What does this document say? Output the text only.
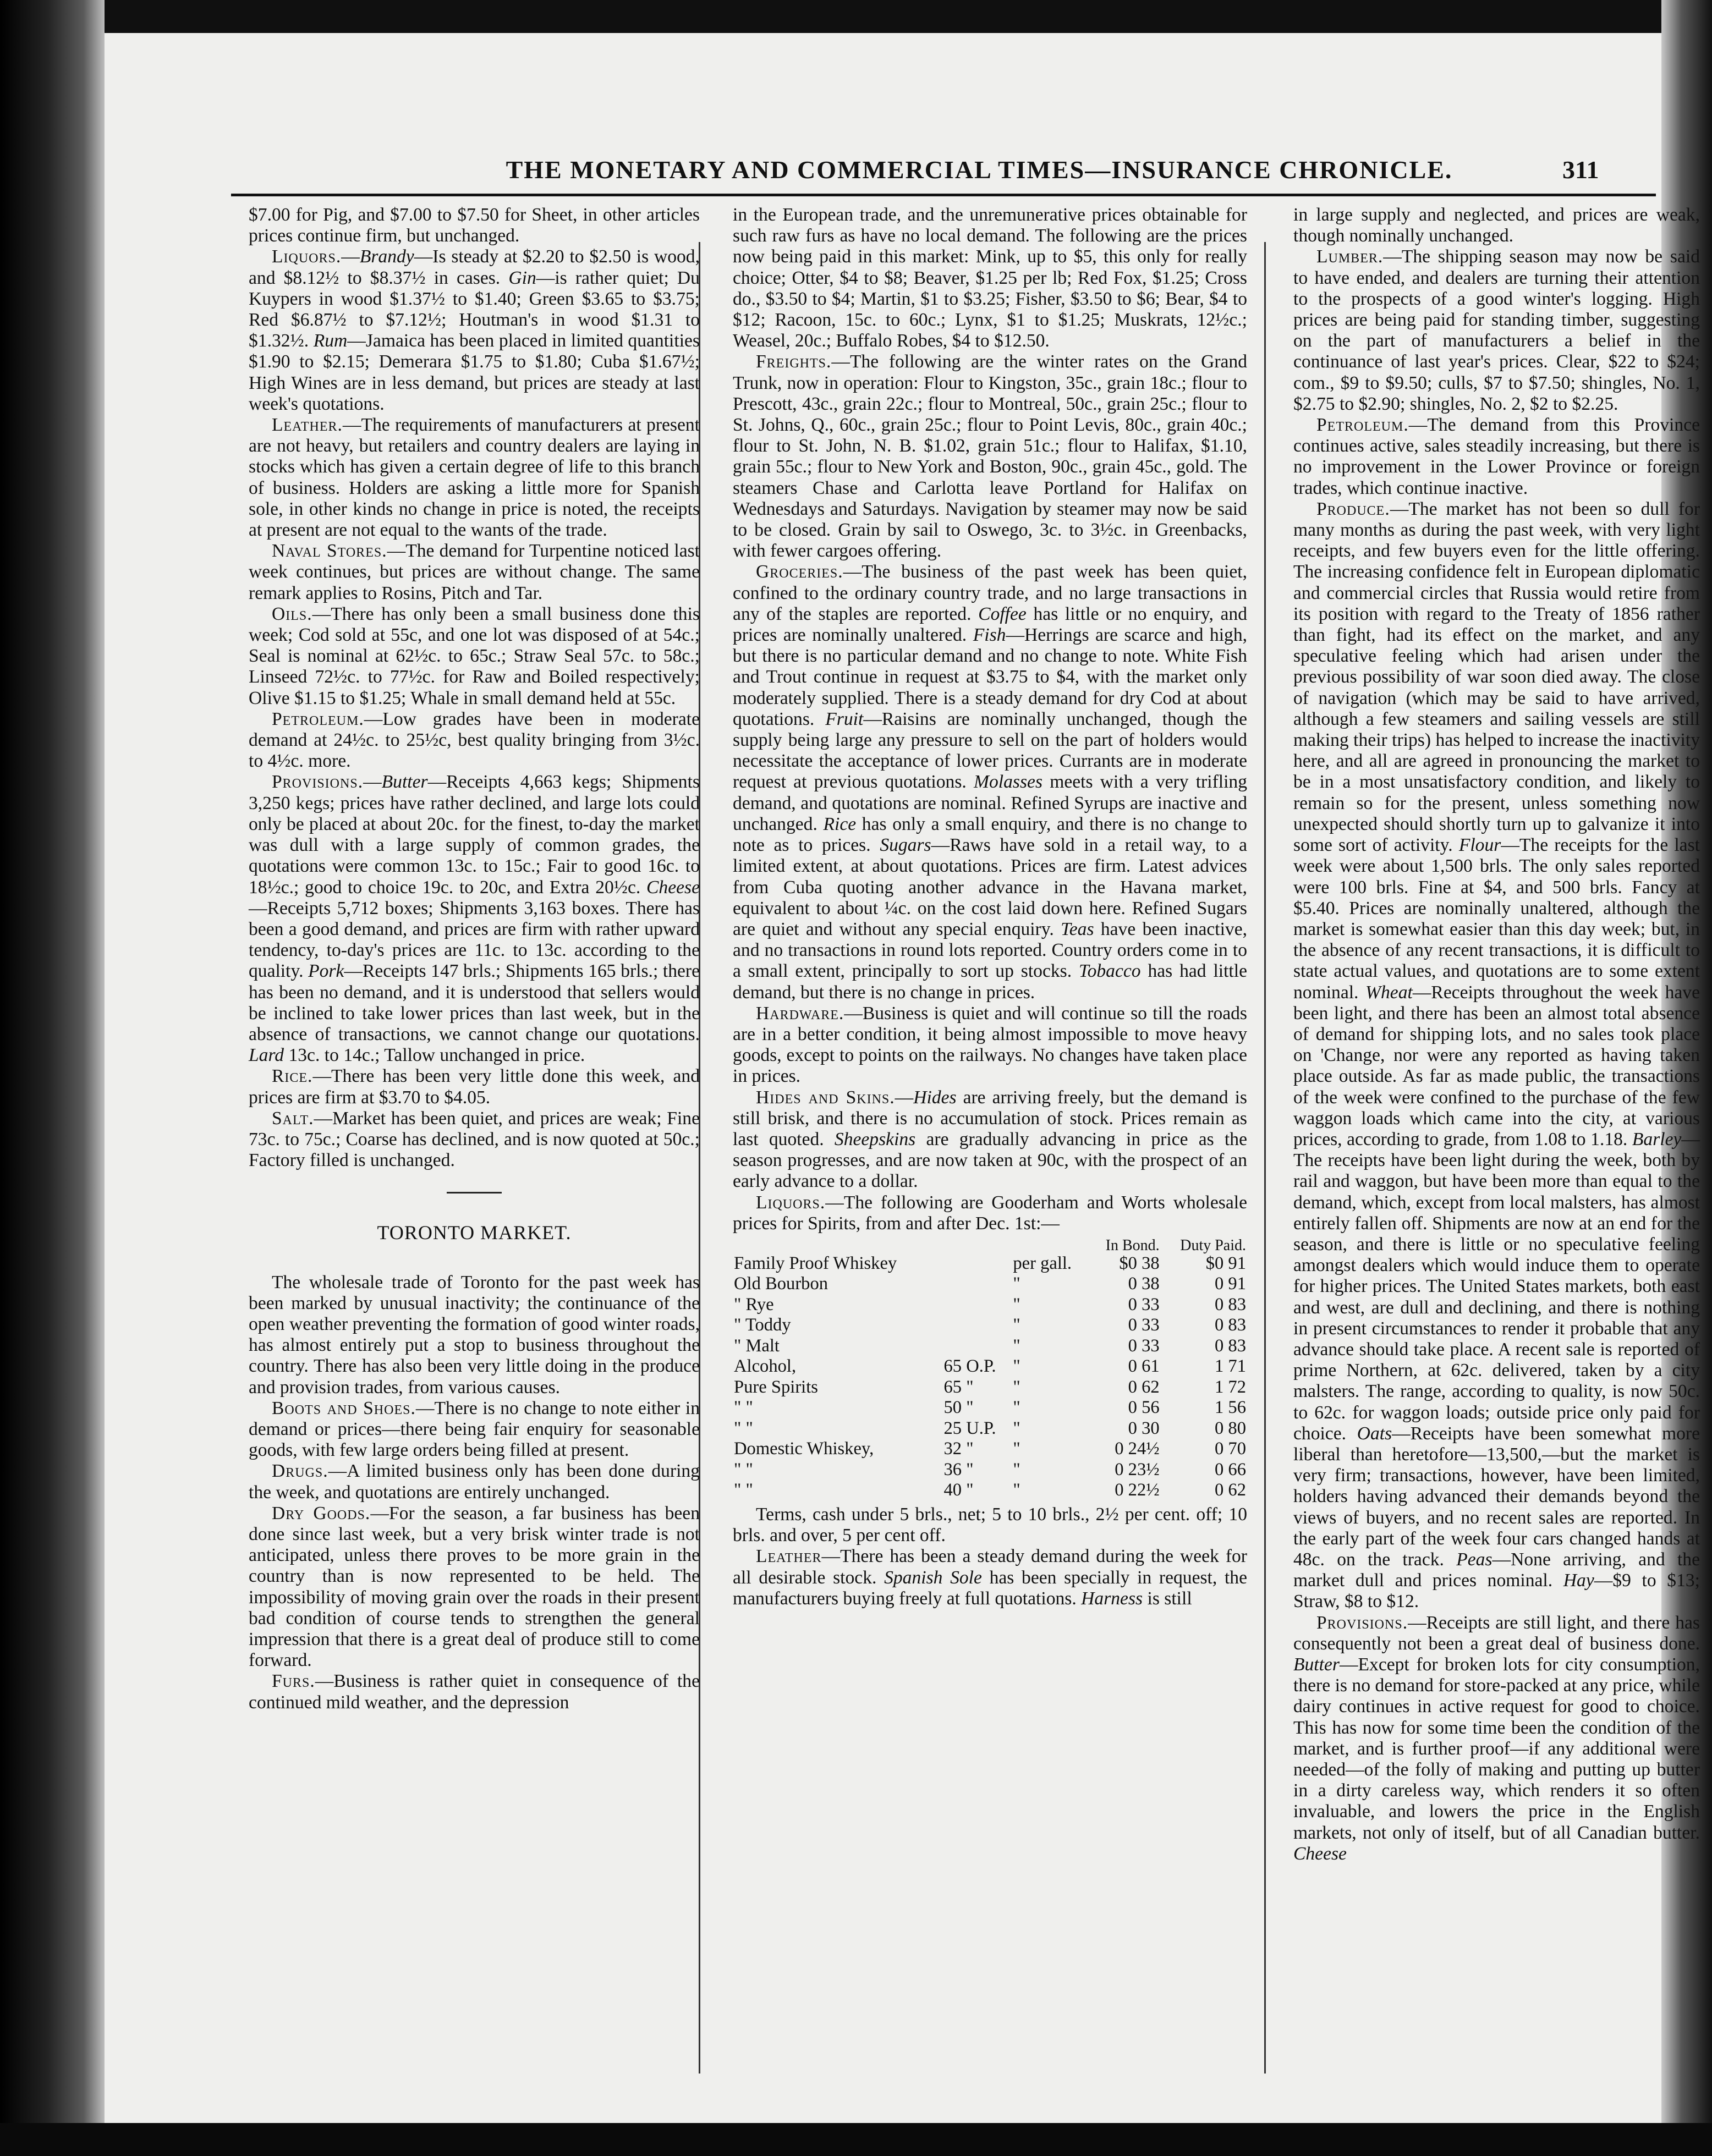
THE MONETARY AND COMMERCIAL TIMES—INSURANCE CHRONICLE.	311

$7.00 for Pig, and $7.00 to $7.50 for Sheet, in other articles prices continue firm, but unchanged.

Liquors.—Brandy—Is steady at $2.20 to $2.50 is wood, and $8.12½ to $8.37½ in cases. Gin—is rather quiet; Du Kuypers in wood $1.37½ to $1.40; Green $3.65 to $3.75; Red $6.87½ to $7.12½; Houtman's in wood $1.31 to $1.32½. Rum—Jamaica has been placed in limited quantities $1.90 to $2.15; Demerara $1.75 to $1.80; Cuba $1.67½; High Wines are in less demand, but prices are steady at last week's quotations.

Leather.—The requirements of manufacturers at present are not heavy, but retailers and country dealers are laying in stocks which has given a certain degree of life to this branch of business. Holders are asking a little more for Spanish sole, in other kinds no change in price is noted, the receipts at present are not equal to the wants of the trade.

Naval Stores.—The demand for Turpentine noticed last week continues, but prices are without change. The same remark applies to Rosins, Pitch and Tar.

Oils.—There has only been a small business done this week; Cod sold at 55c, and one lot was disposed of at 54c.; Seal is nominal at 62½c. to 65c.; Straw Seal 57c. to 58c.; Linseed 72½c. to 77½c. for Raw and Boiled respectively; Olive $1.15 to $1.25; Whale in small demand held at 55c.

Petroleum.—Low grades have been in moderate demand at 24½c. to 25½c, best quality bringing from 3½c. to 4½c. more.

Provisions.—Butter—Receipts 4,663 kegs; Shipments 3,250 kegs; prices have rather declined, and large lots could only be placed at about 20c. for the finest, to-day the market was dull with a large supply of common grades, the quotations were common 13c. to 15c.; Fair to good 16c. to 18½c.; good to choice 19c. to 20c, and Extra 20½c. Cheese—Receipts 5,712 boxes; Shipments 3,163 boxes. There has been a good demand, and prices are firm with rather upward tendency, to-day's prices are 11c. to 13c. according to the quality. Pork—Receipts 147 brls.; Shipments 165 brls.; there has been no demand, and it is understood that sellers would be inclined to take lower prices than last week, but in the absence of transactions, we cannot change our quotations. Lard 13c. to 14c.; Tallow unchanged in price.

Rice.—There has been very little done this week, and prices are firm at $3.70 to $4.05.

Salt.—Market has been quiet, and prices are weak; Fine 73c. to 75c.; Coarse has declined, and is now quoted at 50c.; Factory filled is unchanged.

TORONTO MARKET.

The wholesale trade of Toronto for the past week has been marked by unusual inactivity; the continuance of the open weather preventing the formation of good winter roads, has almost entirely put a stop to business throughout the country. There has also been very little doing in the produce and provision trades, from various causes.

Boots and Shoes.—There is no change to note either in demand or prices—there being fair enquiry for seasonable goods, with few large orders being filled at present.

Drugs.—A limited business only has been done during the week, and quotations are entirely unchanged.

Dry Goods.—For the season, a far business has been done since last week, but a very brisk winter trade is not anticipated, unless there proves to be more grain in the country than is now represented to be held. The impossibility of moving grain over the roads in their present bad condition of course tends to strengthen the general impression that there is a great deal of produce still to come forward.

Furs.—Business is rather quiet in consequence of the continued mild weather, and the depression

in the European trade, and the unremunerative prices obtainable for such raw furs as have no local demand. The following are the prices now being paid in this market: Mink, up to $5, this only for really choice; Otter, $4 to $8; Beaver, $1.25 per lb; Red Fox, $1.25; Cross do., $3.50 to $4; Martin, $1 to $3.25; Fisher, $3.50 to $6; Bear, $4 to $12; Racoon, 15c. to 60c.; Lynx, $1 to $1.25; Muskrats, 12½c.; Weasel, 20c.; Buffalo Robes, $4 to $12.50.

Freights.—The following are the winter rates on the Grand Trunk, now in operation: Flour to Kingston, 35c., grain 18c.; flour to Prescott, 43c., grain 22c.; flour to Montreal, 50c., grain 25c.; flour to St. Johns, Q., 60c., grain 25c.; flour to Point Levis, 80c., grain 40c.; flour to St. John, N. B. $1.02, grain 51c.; flour to Halifax, $1.10, grain 55c.; flour to New York and Boston, 90c., grain 45c., gold. The steamers Chase and Carlotta leave Portland for Halifax on Wednesdays and Saturdays. Navigation by steamer may now be said to be closed. Grain by sail to Oswego, 3c. to 3½c. in Greenbacks, with fewer cargoes offering.

Groceries.—The business of the past week has been quiet, confined to the ordinary country trade, and no large transactions in any of the staples are reported. Coffee has little or no enquiry, and prices are nominally unaltered. Fish—Herrings are scarce and high, but there is no particular demand and no change to note. White Fish and Trout continue in request at $3.75 to $4, with the market only moderately supplied. There is a steady demand for dry Cod at about quotations. Fruit—Raisins are nominally unchanged, though the supply being large any pressure to sell on the part of holders would necessitate the acceptance of lower prices. Currants are in moderate request at previous quotations. Molasses meets with a very trifling demand, and quotations are nominal. Refined Syrups are inactive and unchanged. Rice has only a small enquiry, and there is no change to note as to prices. Sugars—Raws have sold in a retail way, to a limited extent, at about quotations. Prices are firm. Latest advices from Cuba quoting another advance in the Havana market, equivalent to about ¼c. on the cost laid down here. Refined Sugars are quiet and without any special enquiry. Teas have been inactive, and no transactions in round lots reported. Country orders come in to a small extent, principally to sort up stocks. Tobacco has had little demand, but there is no change in prices.

Hardware.—Business is quiet and will continue so till the roads are in a better condition, it being almost impossible to move heavy goods, except to points on the railways. No changes have taken place in prices.

Hides and Skins.—Hides are arriving freely, but the demand is still brisk, and there is no accumulation of stock. Prices remain as last quoted. Sheepskins are gradually advancing in price as the season progresses, and are now taken at 90c, with the prospect of an early advance to a dollar.

Liquors.—The following are Gooderham and Worts wholesale prices for Spirits, from and after Dec. 1st:—

			In Bond.	Duty Paid.
Family Proof Whiskey		per gall.	$0 38	$0 91
Old Bourbon		"	0 38	0 91
" Rye		"	0 33	0 83
" Toddy		"	0 33	0 83
" Malt		"	0 33	0 83
Alcohol,	65 O.P.	"	0 61	1 71
Pure Spirits	65 "	"	0 62	1 72
" "	50 "	"	0 56	1 56
" "	25 U.P.	"	0 30	0 80
Domestic Whiskey,	32 "	"	0 24½	0 70
" "	36 "	"	0 23½	0 66
" "	40 "	"	0 22½	0 62

Terms, cash under 5 brls., net; 5 to 10 brls., 2½ per cent. off; 10 brls. and over, 5 per cent off.

Leather—There has been a steady demand during the week for all desirable stock. Spanish Sole has been specially in request, the manufacturers buying freely at full quotations. Harness is still

in large supply and neglected, and prices are weak, though nominally unchanged.

Lumber.—The shipping season may now be said to have ended, and dealers are turning their attention to the prospects of a good winter's logging. High prices are being paid for standing timber, suggesting on the part of manufacturers a belief in the continuance of last year's prices. Clear, $22 to $24; com., $9 to $9.50; culls, $7 to $7.50; shingles, No. 1, $2.75 to $2.90; shingles, No. 2, $2 to $2.25.

Petroleum.—The demand from this Province continues active, sales steadily increasing, but there is no improvement in the Lower Province or foreign trades, which continue inactive.

Produce.—The market has not been so dull for many months as during the past week, with very light receipts, and few buyers even for the little offering. The increasing confidence felt in European diplomatic and commercial circles that Russia would retire from its position with regard to the Treaty of 1856 rather than fight, had its effect on the market, and any speculative feeling which had arisen under the previous possibility of war soon died away. The close of navigation (which may be said to have arrived, although a few steamers and sailing vessels are still making their trips) has helped to increase the inactivity here, and all are agreed in pronouncing the market to be in a most unsatisfactory condition, and likely to remain so for the present, unless something now unexpected should shortly turn up to galvanize it into some sort of activity. Flour—The receipts for the last week were about 1,500 brls. The only sales reported were 100 brls. Fine at $4, and 500 brls. Fancy at $5.40. Prices are nominally unaltered, although the market is somewhat easier than this day week; but, in the absence of any recent transactions, it is difficult to state actual values, and quotations are to some extent nominal. Wheat—Receipts throughout the week have been light, and there has been an almost total absence of demand for shipping lots, and no sales took place on 'Change, nor were any reported as having taken place outside. As far as made public, the transactions of the week were confined to the purchase of the few waggon loads which came into the city, at various prices, according to grade, from 1.08 to 1.18. Barley—The receipts have been light during the week, both by rail and waggon, but have been more than equal to the demand, which, except from local malsters, has almost entirely fallen off. Shipments are now at an end for the season, and there is little or no speculative feeling amongst dealers which would induce them to operate for higher prices. The United States markets, both east and west, are dull and declining, and there is nothing in present circumstances to render it probable that any advance should take place. A recent sale is reported of prime Northern, at 62c. delivered, taken by a city malsters. The range, according to quality, is now 50c. to 62c. for waggon loads; outside price only paid for choice. Oats—Receipts have been somewhat more liberal than heretofore—13,500,—but the market is very firm; transactions, however, have been limited, holders having advanced their demands beyond the views of buyers, and no recent sales are reported. In the early part of the week four cars changed hands at 48c. on the track. Peas—None arriving, and the market dull and prices nominal. Hay—$9 to $13; Straw, $8 to $12.

Provisions.—Receipts are still light, and there has consequently not been a great deal of business done. Butter—Except for broken lots for city consumption, there is no demand for store-packed at any price, while dairy continues in active request for good to choice. This has now for some time been the condition of the market, and is further proof—if any additional were needed—of the folly of making and putting up butter in a dirty careless way, which renders it so often invaluable, and lowers the price in the English markets, not only of itself, but of all Canadian butter. Cheese
